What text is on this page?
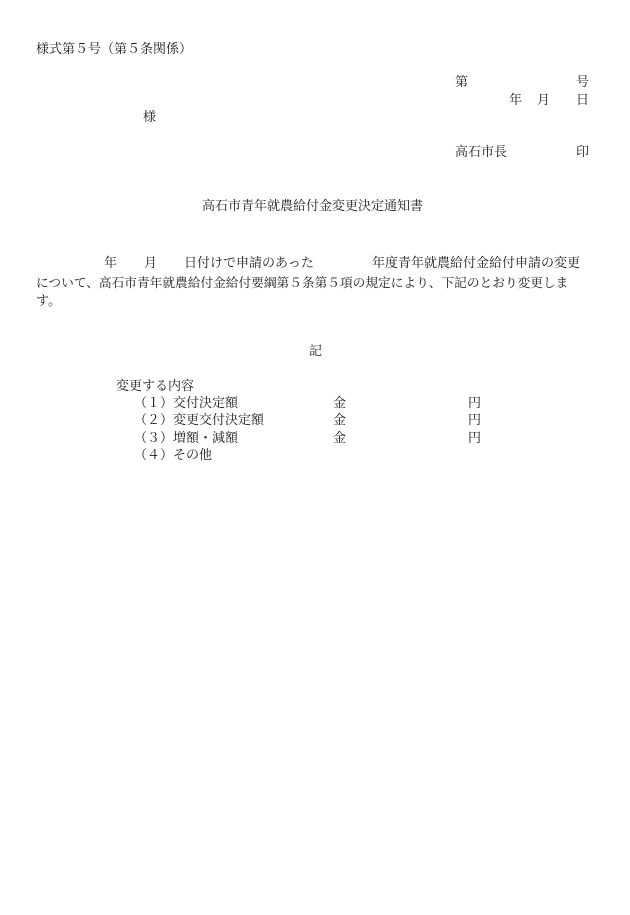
様式第５号（第５条関係）
第	号
年 月 日
様
高石市長	印
高石市青年就農給付金変更決定通知書
年 月 日付けで申請のあった	年度青年就農給付金給付申請の変更
について、高石市青年就農給付金給付要綱第５条第５項の規定により、下記のとおり変更しま
す。
記
変更する内容
（１）交付決定額	金	円
（２）変更交付決定額	金	円
（３）増額・減額	金	円
（４）その他
